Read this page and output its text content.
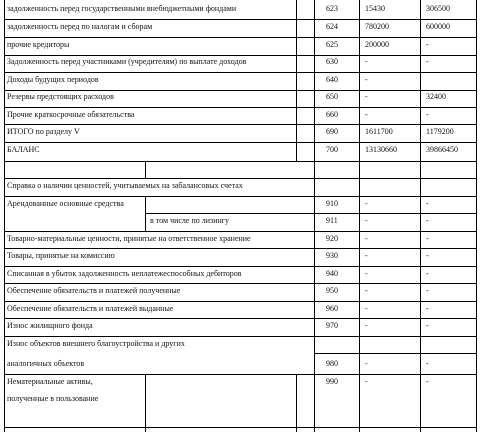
задолженность перед государственными внебюджетными фондами	623	15430	306500
задолженность перед по налогам и сборам	624	780200	600000
прочие кредиторы	625	200000	-
Задолженность перед участниками (учредителям) по выплате доходов	630	-	-
Доходы будущих периодов	640	-
Резервы предстоящих расходов	650	-	32400
Прочие краткосрочные обязательства	660	-	-
ИТОГО по разделу V	690	1611700	1179200
БАЛАНС	700	13130660	39866450
Справка о наличии ценностей, учитываемых на забалансовых счетах
Арендованные основные средства	910	-	-
в том числе по лизингу	911	-	-
Товарно-материальные ценности, принятые на ответственное хранение	920	-	-
Товары, принятые на комиссию	930	-	-
Списанная в убыток задолженность неплатежеспособных дебиторов	940	-	-
Обеспечение обязательств и платежей полученные	950	-	-
Обеспечение обязательств и платежей выданные	960	-	-
Износ жилищного фонда	970	-	-
Износ объектов внешнего благоустройства и других
аналогичных объектов	980	-	-
Нематериальные активы,	990	-	-
полученные в пользование
